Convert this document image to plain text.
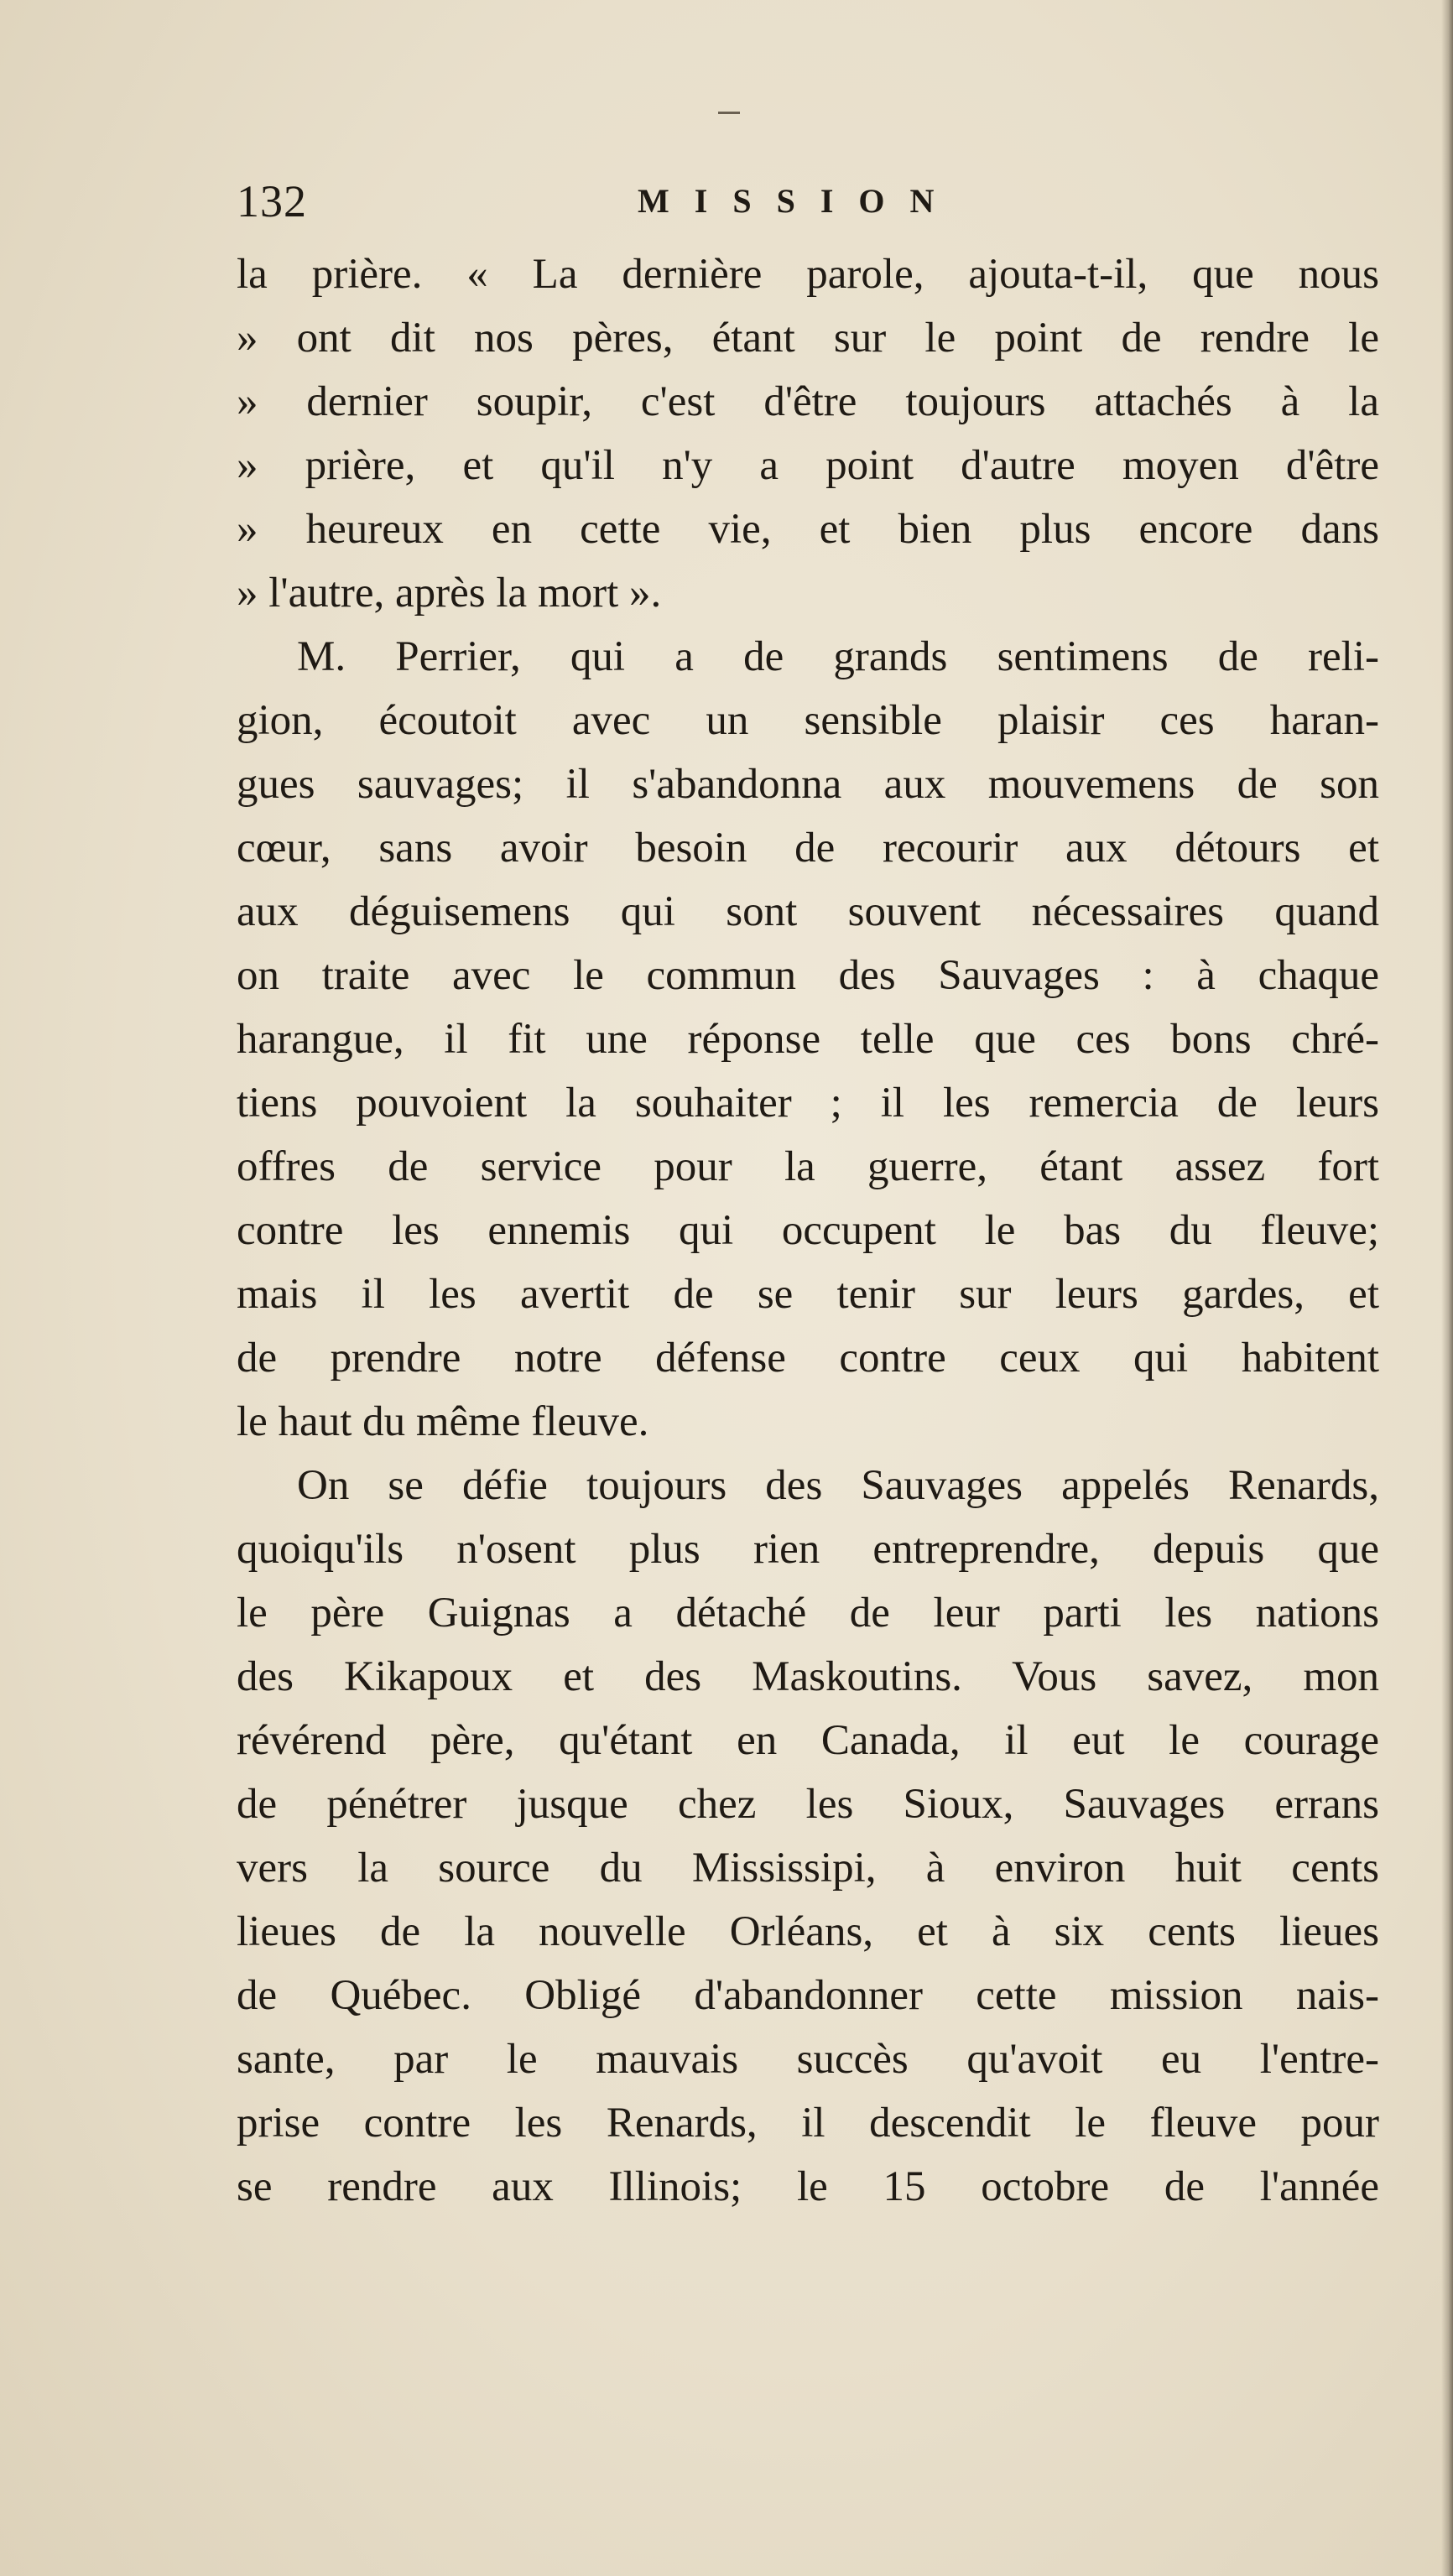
132	MISSION
la prière. « La dernière parole, ajouta-t-il, que nous
» ont dit nos pères, étant sur le point de rendre le
» dernier soupir, c'est d'être toujours attachés à la
» prière, et qu'il n'y a point d'autre moyen d'être
» heureux en cette vie, et bien plus encore dans
» l'autre, après la mort ».
M. Perrier, qui a de grands sentimens de reli-
gion, écoutoit avec un sensible plaisir ces haran-
gues sauvages; il s'abandonna aux mouvemens de son
cœur, sans avoir besoin de recourir aux détours et
aux déguisemens qui sont souvent nécessaires quand
on traite avec le commun des Sauvages : à chaque
harangue, il fit une réponse telle que ces bons chré-
tiens pouvoient la souhaiter ; il les remercia de leurs
offres de service pour la guerre, étant assez fort
contre les ennemis qui occupent le bas du fleuve;
mais il les avertit de se tenir sur leurs gardes, et
de prendre notre défense contre ceux qui habitent
le haut du même fleuve.
On se défie toujours des Sauvages appelés Renards,
quoiqu'ils n'osent plus rien entreprendre, depuis que
le père Guignas a détaché de leur parti les nations
des Kikapoux et des Maskoutins. Vous savez, mon
révérend père, qu'étant en Canada, il eut le courage
de pénétrer jusque chez les Sioux, Sauvages errans
vers la source du Mississipi, à environ huit cents
lieues de la nouvelle Orléans, et à six cents lieues
de Québec. Obligé d'abandonner cette mission nais-
sante, par le mauvais succès qu'avoit eu l'entre-
prise contre les Renards, il descendit le fleuve pour
se rendre aux Illinois; le 15 octobre de l'année
